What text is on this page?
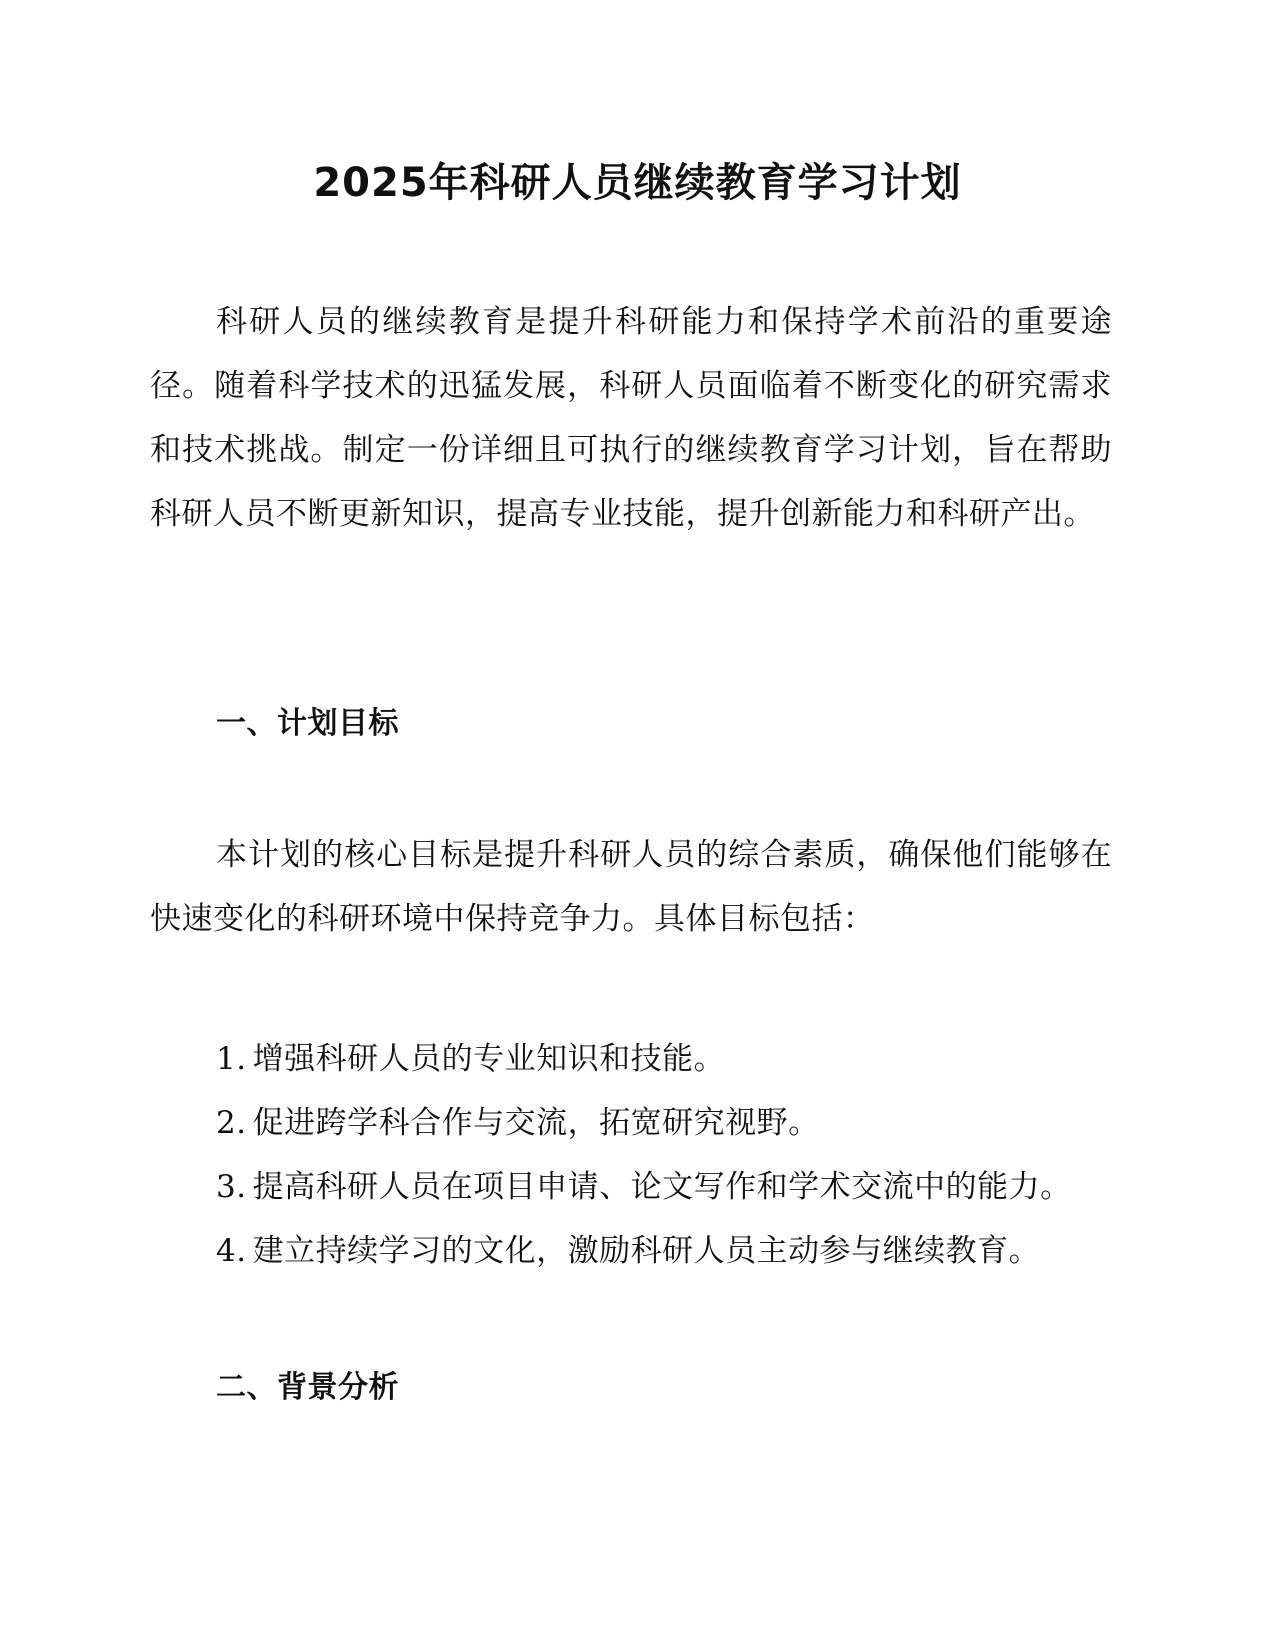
2025年科研人员继续教育学习计划

科研人员的继续教育是提升科研能力和保持学术前沿的重要途径。随着科学技术的迅猛发展，科研人员面临着不断变化的研究需求和技术挑战。制定一份详细且可执行的继续教育学习计划，旨在帮助科研人员不断更新知识，提高专业技能，提升创新能力和科研产出。

一、计划目标

本计划的核心目标是提升科研人员的综合素质，确保他们能够在快速变化的科研环境中保持竞争力。具体目标包括：

1. 增强科研人员的专业知识和技能。
2. 促进跨学科合作与交流，拓宽研究视野。
3. 提高科研人员在项目申请、论文写作和学术交流中的能力。
4. 建立持续学习的文化，激励科研人员主动参与继续教育。
二、背景分析
